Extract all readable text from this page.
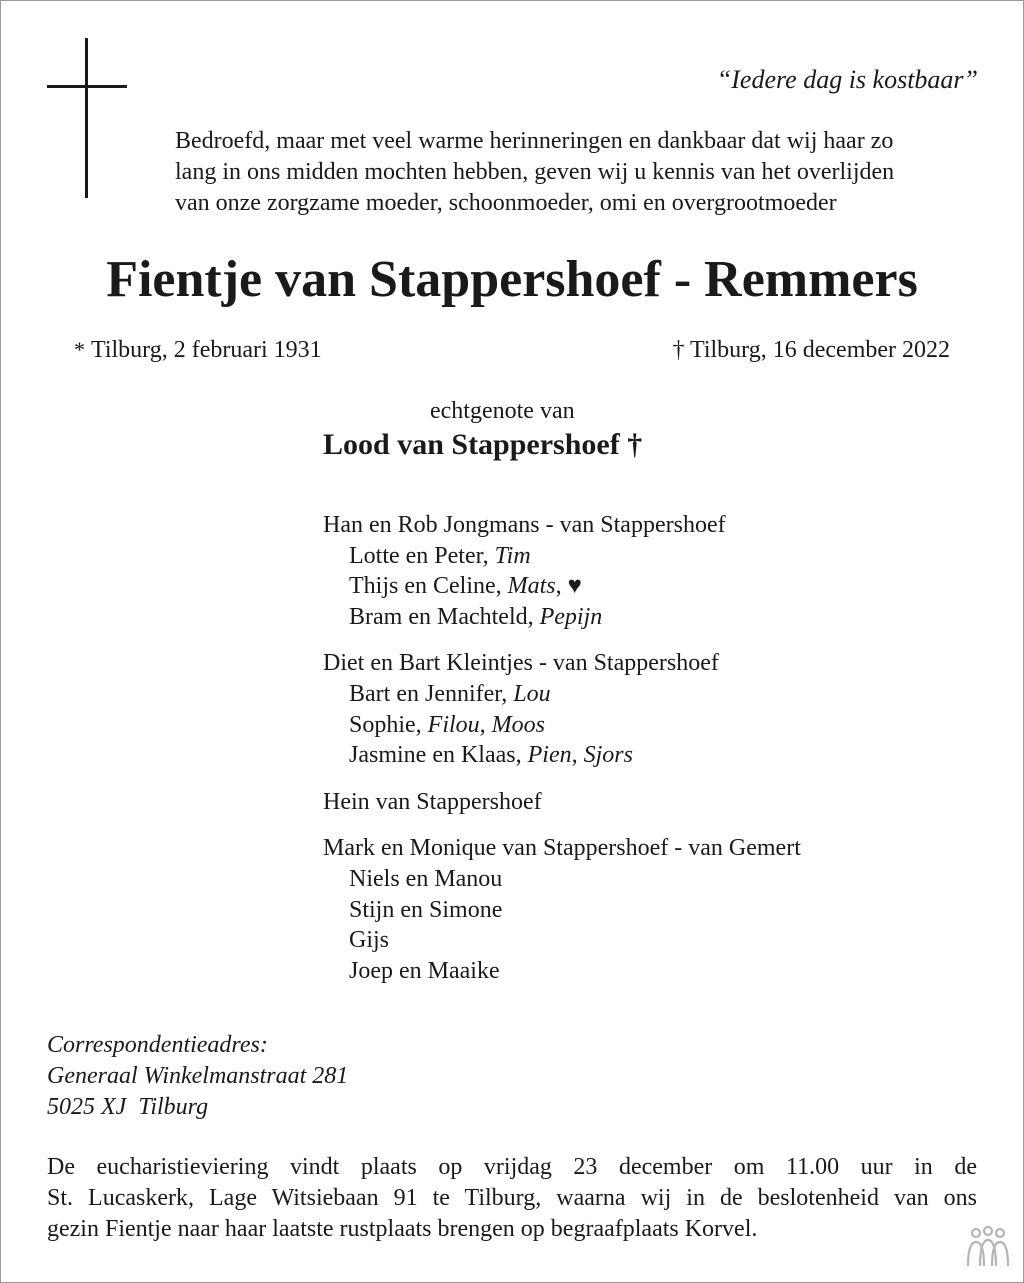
“Iedere dag is kostbaar”
Bedroefd, maar met veel warme herinneringen en dankbaar dat wij haar zo
lang in ons midden mochten hebben, geven wij u kennis van het overlijden
van onze zorgzame moeder, schoonmoeder, omi en overgrootmoeder
Fientje van Stappershoef - Remmers
* Tilburg, 2 februari 1931	† Tilburg, 16 december 2022
echtgenote van
Lood van Stappershoef †
Han en Rob Jongmans - van Stappershoef
Lotte en Peter, Tim
Thijs en Celine, Mats, ♥
Bram en Machteld, Pepijn
Diet en Bart Kleintjes - van Stappershoef
Bart en Jennifer, Lou
Sophie, Filou, Moos
Jasmine en Klaas, Pien, Sjors
Hein van Stappershoef
Mark en Monique van Stappershoef - van Gemert
Niels en Manou
Stijn en Simone
Gijs
Joep en Maaike
Correspondentieadres:
Generaal Winkelmanstraat 281
5025 XJ  Tilburg
De eucharistieviering vindt plaats op vrijdag 23 december om 11.00 uur in de
St. Lucaskerk, Lage Witsiebaan 91 te Tilburg, waarna wij in de beslotenheid van ons
gezin Fientje naar haar laatste rustplaats brengen op begraafplaats Korvel.
